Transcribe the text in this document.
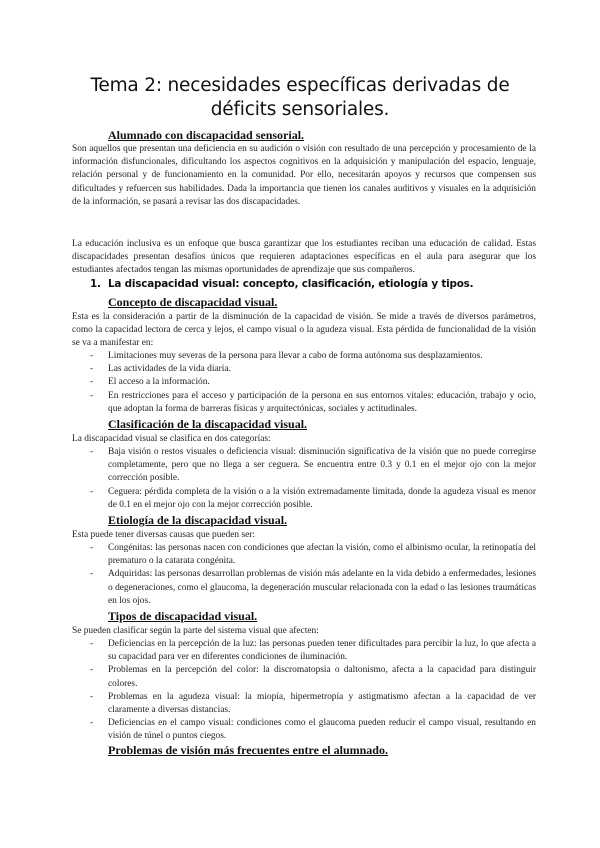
Tema 2: necesidades específicas derivadas de déficits sensoriales.
Alumnado con discapacidad sensorial.
Son aquellos que presentan una deficiencia en su audición o visión con resultado de una percepción y procesamiento de la información disfuncionales, dificultando los aspectos cognitivos en la adquisición y manipulación del espacio, lenguaje, relación personal y de funcionamiento en la comunidad. Por ello, necesitarán apoyos y recursos que compensen sus dificultades y refuercen sus habilidades. Dada la importancia que tienen los canales auditivos y visuales en la adquisición de la información, se pasará a revisar las dos discapacidades.
La educación inclusiva es un enfoque que busca garantizar que los estudiantes reciban una educación de calidad. Estas discapacidades presentan desafíos únicos que requieren adaptaciones específicas en el aula para asegurar que los estudiantes afectados tengan las mismas oportunidades de aprendizaje que sus compañeros.
1. La discapacidad visual: concepto, clasificación, etiología y tipos.
Concepto de discapacidad visual.
Esta es la consideración a partir de la disminución de la capacidad de visión. Se mide a través de diversos parámetros, como la capacidad lectora de cerca y lejos, el campo visual o la agudeza visual. Esta pérdida de funcionalidad de la visión se va a manifestar en:
- Limitaciones muy severas de la persona para llevar a cabo de forma autónoma sus desplazamientos.
- Las actividades de la vida diaria.
- El acceso a la información.
- En restricciones para el acceso y participación de la persona en sus entornos vitales: educación, trabajo y ocio, que adoptan la forma de barreras físicas y arquitectónicas, sociales y actitudinales.
Clasificación de la discapacidad visual.
La discapacidad visual se clasifica en dos categorías:
- Baja visión o restos visuales o deficiencia visual: disminución significativa de la visión que no puede corregirse completamente, pero que no llega a ser ceguera. Se encuentra entre 0.3 y 0.1 en el mejor ojo con la mejor corrección posible.
- Ceguera: pérdida completa de la visión o a la visión extremadamente limitada, donde la agudeza visual es menor de 0.1 en el mejor ojo con la mejor corrección posible.
Etiología de la discapacidad visual.
Esta puede tener diversas causas que pueden ser:
- Congénitas: las personas nacen con condiciones que afectan la visión, como el albinismo ocular, la retinopatía del prematuro o la catarata congénita.
- Adquiridas: las personas desarrollan problemas de visión más adelante en la vida debido a enfermedades, lesiones o degeneraciones, como el glaucoma, la degeneración muscular relacionada con la edad o las lesiones traumáticas en los ojos.
Tipos de discapacidad visual.
Se pueden clasificar según la parte del sistema visual que afecten:
- Deficiencias en la percepción de la luz: las personas pueden tener dificultades para percibir la luz, lo que afecta a su capacidad para ver en diferentes condiciones de iluminación.
- Problemas en la percepción del color: la discromatopsia o daltonismo, afecta a la capacidad para distinguir colores.
- Problemas en la agudeza visual: la miopía, hipermetropía y astigmatismo afectan a la capacidad de ver claramente a diversas distancias.
- Deficiencias en el campo visual: condiciones como el glaucoma pueden reducir el campo visual, resultando en visión de túnel o puntos ciegos.
Problemas de visión más frecuentes entre el alumnado.
